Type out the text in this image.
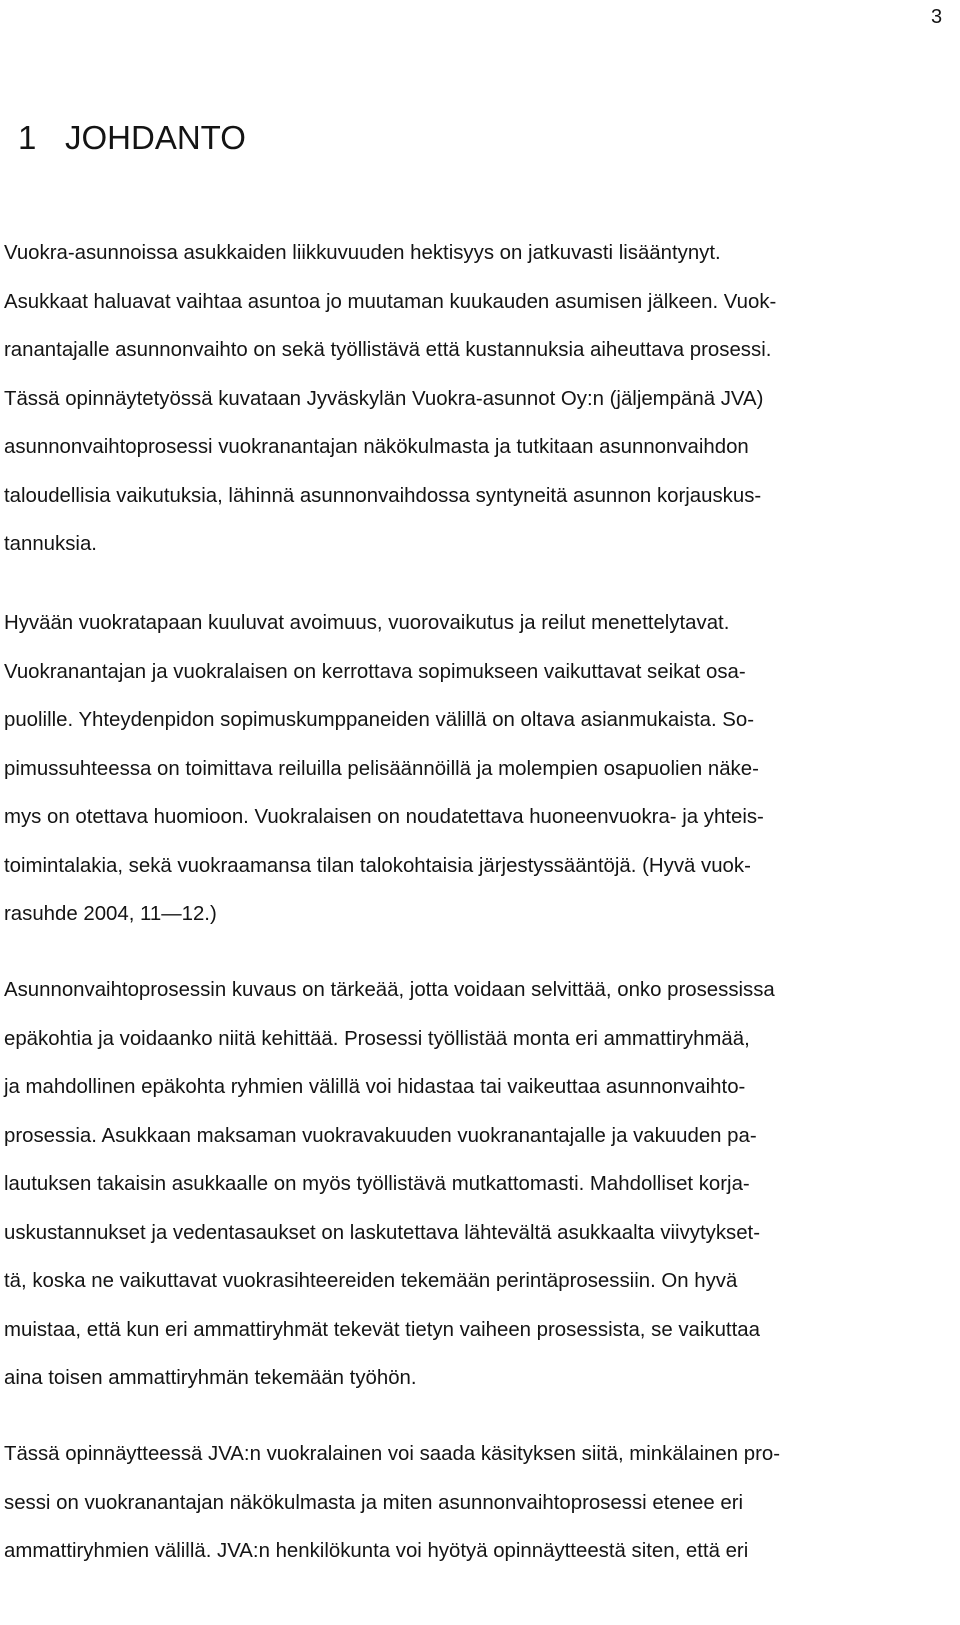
3
1 JOHDANTO

Vuokra-asunnoissa asukkaiden liikkuvuuden hektisyys on jatkuvasti lisääntynyt.
Asukkaat haluavat vaihtaa asuntoa jo muutaman kuukauden asumisen jälkeen. Vuok-
ranantajalle asunnonvaihto on sekä työllistävä että kustannuksia aiheuttava prosessi.
Tässä opinnäytetyössä kuvataan Jyväskylän Vuokra-asunnot Oy:n (jäljempänä JVA)
asunnonvaihtoprosessi vuokranantajan näkökulmasta ja tutkitaan asunnonvaihdon
taloudellisia vaikutuksia, lähinnä asunnonvaihdossa syntyneitä asunnon korjauskus-
tannuksia.

Hyvään vuokratapaan kuuluvat avoimuus, vuorovaikutus ja reilut menettelytavat.
Vuokranantajan ja vuokralaisen on kerrottava sopimukseen vaikuttavat seikat osa-
puolille. Yhteydenpidon sopimuskumppaneiden välillä on oltava asianmukaista. So-
pimussuhteessa on toimittava reiluilla pelisäännöillä ja molempien osapuolien näke-
mys on otettava huomioon. Vuokralaisen on noudatettava huoneenvuokra- ja yhteis-
toimintalakia, sekä vuokraamansa tilan talokohtaisia järjestyssääntöjä. (Hyvä vuok-
rasuhde 2004, 11—12.)

Asunnonvaihtoprosessin kuvaus on tärkeää, jotta voidaan selvittää, onko prosessissa
epäkohtia ja voidaanko niitä kehittää. Prosessi työllistää monta eri ammattiryhmää,
ja mahdollinen epäkohta ryhmien välillä voi hidastaa tai vaikeuttaa asunnonvaihto-
prosessia. Asukkaan maksaman vuokravakuuden vuokranantajalle ja vakuuden pa-
lautuksen takaisin asukkaalle on myös työllistävä mutkattomasti. Mahdolliset korja-
uskustannukset ja vedentasaukset on laskutettava lähtevältä asukkaalta viivytykset-
tä, koska ne vaikuttavat vuokrasihteereiden tekemään perintäprosessiin. On hyvä
muistaa, että kun eri ammattiryhmät tekevät tietyn vaiheen prosessista, se vaikuttaa
aina toisen ammattiryhmän tekemään työhön.

Tässä opinnäytteessä JVA:n vuokralainen voi saada käsityksen siitä, minkälainen pro-
sessi on vuokranantajan näkökulmasta ja miten asunnonvaihtoprosessi etenee eri
ammattiryhmien välillä. JVA:n henkilökunta voi hyötyä opinnäytteestä siten, että eri
